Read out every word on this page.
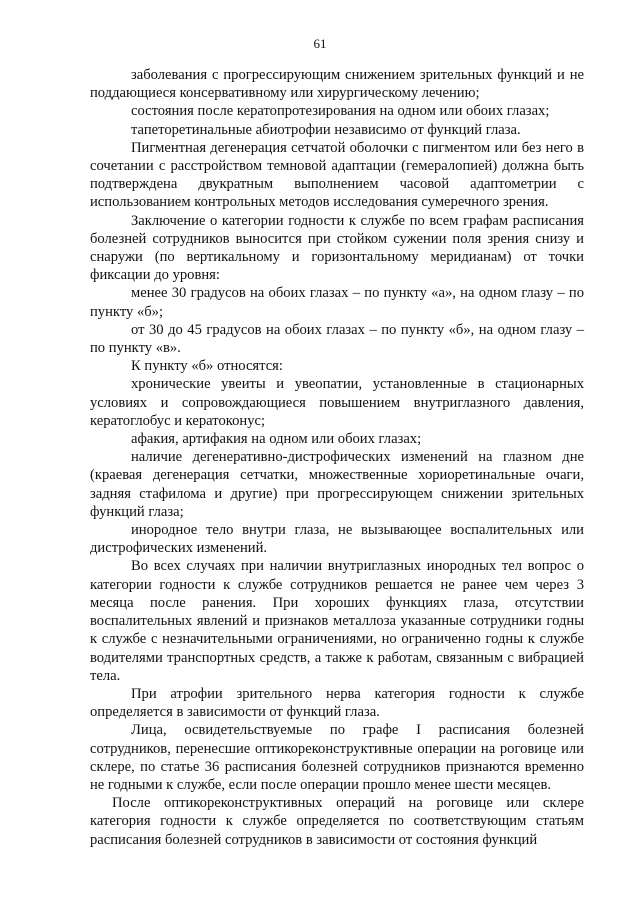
61

заболевания с прогрессирующим снижением зрительных функций и не поддающиеся консервативному или хирургическому лечению;

состояния после кератопротезирования на одном или обоих глазах;

тапеторетинальные абиотрофии независимо от функций глаза.

Пигментная дегенерация сетчатой оболочки с пигментом или без него в сочетании с расстройством темновой адаптации (гемералопией) должна быть подтверждена двукратным выполнением часовой адаптометрии с использованием контрольных методов исследования сумеречного зрения.

Заключение о категории годности к службе по всем графам расписания болезней сотрудников выносится при стойком сужении поля зрения снизу и снаружи (по вертикальному и горизонтальному меридианам) от точки фиксации до уровня:

менее 30 градусов на обоих глазах – по пункту «а», на одном глазу – по пункту «б»;

от 30 до 45 градусов на обоих глазах – по пункту «б», на одном глазу – по пункту «в».

К пункту «б» относятся:

хронические увеиты и увеопатии, установленные в стационарных условиях и сопровождающиеся повышением внутриглазного давления, кератоглобус и кератоконус;

афакия, артифакия на одном или обоих глазах;

наличие дегенеративно-дистрофических изменений на глазном дне (краевая дегенерация сетчатки, множественные хориоретинальные очаги, задняя стафилома и другие) при прогрессирующем снижении зрительных функций глаза;

инородное тело внутри глаза, не вызывающее воспалительных или дистрофических изменений.

Во всех случаях при наличии внутриглазных инородных тел вопрос о категории годности к службе сотрудников решается не ранее чем через 3 месяца после ранения. При хороших функциях глаза, отсутствии воспалительных явлений и признаков металлоза указанные сотрудники годны к службе с незначительными ограничениями, но ограниченно годны к службе водителями транспортных средств, а также к работам, связанным с вибрацией тела.

При атрофии зрительного нерва категория годности к службе определяется в зависимости от функций глаза.

Лица, освидетельствуемые по графе I расписания болезней сотрудников, перенесшие оптикореконструктивные операции на роговице или склере, по статье 36 расписания болезней сотрудников признаются временно не годными к службе, если после операции прошло менее шести месяцев.

После оптикореконструктивных операций на роговице или склере категория годности к службе определяется по соответствующим статьям расписания болезней сотрудников в зависимости от состояния функций
